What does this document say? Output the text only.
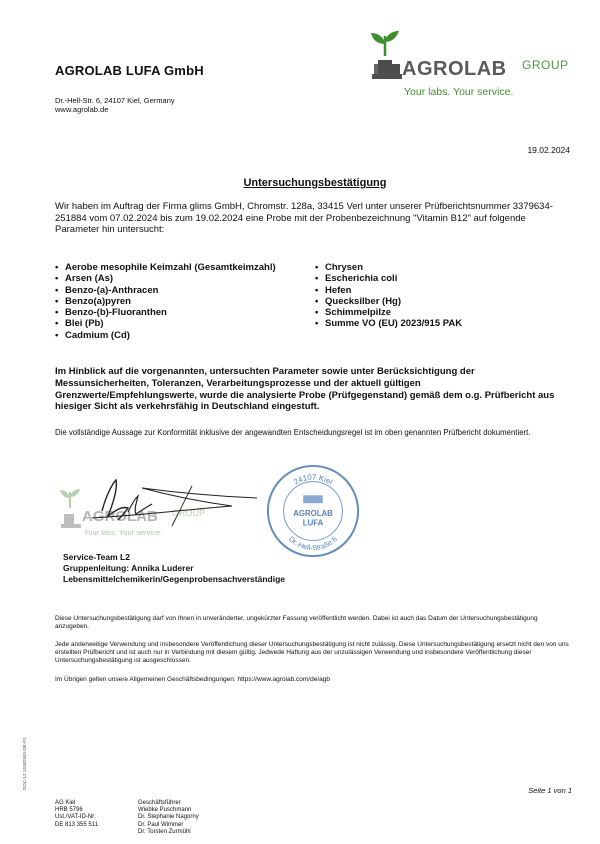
AGROLAB LUFA GmbH
Dr.-Hell-Str. 6, 24107 Kiel, Germany
www.agrolab.de
AGROLAB GROUP
Your labs. Your service.
19.02.2024
Untersuchungsbestätigung
Wir haben im Auftrag der Firma glims GmbH, Chromstr. 128a, 33415 Verl unter unserer Prüfberichtsnummer 3379634-251884 vom 07.02.2024 bis zum 19.02.2024 eine Probe mit der Probenbezeichnung "Vitamin B12" auf folgende Parameter hin untersucht:
• Aerobe mesophile Keimzahl (Gesamtkeimzahl)
• Arsen (As)
• Benzo-(a)-Anthracen
• Benzo(a)pyren
• Benzo-(b)-Fluoranthen
• Blei (Pb)
• Cadmium (Cd)
• Chrysen
• Escherichia coli
• Hefen
• Quecksilber (Hg)
• Schimmelpilze
• Summe VO (EU) 2023/915 PAK
Im Hinblick auf die vorgenannten, untersuchten Parameter sowie unter Berücksichtigung der Messunsicherheiten, Toleranzen, Verarbeitungsprozesse und der aktuell gültigen Grenzwerte/Empfehlungswerte, wurde die analysierte Probe (Prüfgegenstand) gemäß dem o.g. Prüfbericht aus hiesiger Sicht als verkehrsfähig in Deutschland eingestuft.
Die vollständige Aussage zur Konformität inklusive der angewandten Entscheidungsregel ist im oben genannten Prüfbericht dokumentiert.
AGROLAB GROUP
Your labs. Your service.
24107 Kiel
Dr.-Hell-Straße 6
AGROLAB
LUFA
Service-Team L2
Gruppenleitung: Annika Luderer
Lebensmittelchemikerin/Gegenprobensachverständige
Diese Untersuchungsbestätigung darf von Ihnen in unveränderter, ungekürzter Fassung veröffentlicht werden. Dabei ist auch das Datum der Untersuchungsbestätigung anzugeben.
Jede anderweitige Verwendung und insbesondere Veröffentlichung dieser Untersuchungsbestätigung ist nicht zulässig. Diese Untersuchungsbestätigung ersetzt nicht den von uns erstellten Prüfbericht und ist auch nur in Verbindung mit diesem gültig. Jedwede Haftung aus der unzulässigen Verwendung und insbesondere Veröffentlichung dieser Untersuchungsbestätigung ist ausgeschlossen.
Im Übrigen gelten unsere Allgemeinen Geschäftsbedingungen: https://www.agrolab.com/de/agb
DOC-12-15382845-DE-P1
AG Kiel
HRB 5796
Ust./VAT-ID-Nr:
DE 813 355 511
Geschäftsführer
Wiebke Puschmann
Dr. Stephanie Nagorny
Dr. Paul Wimmer
Dr. Torsten Zurmühl
Seite 1 von 1
